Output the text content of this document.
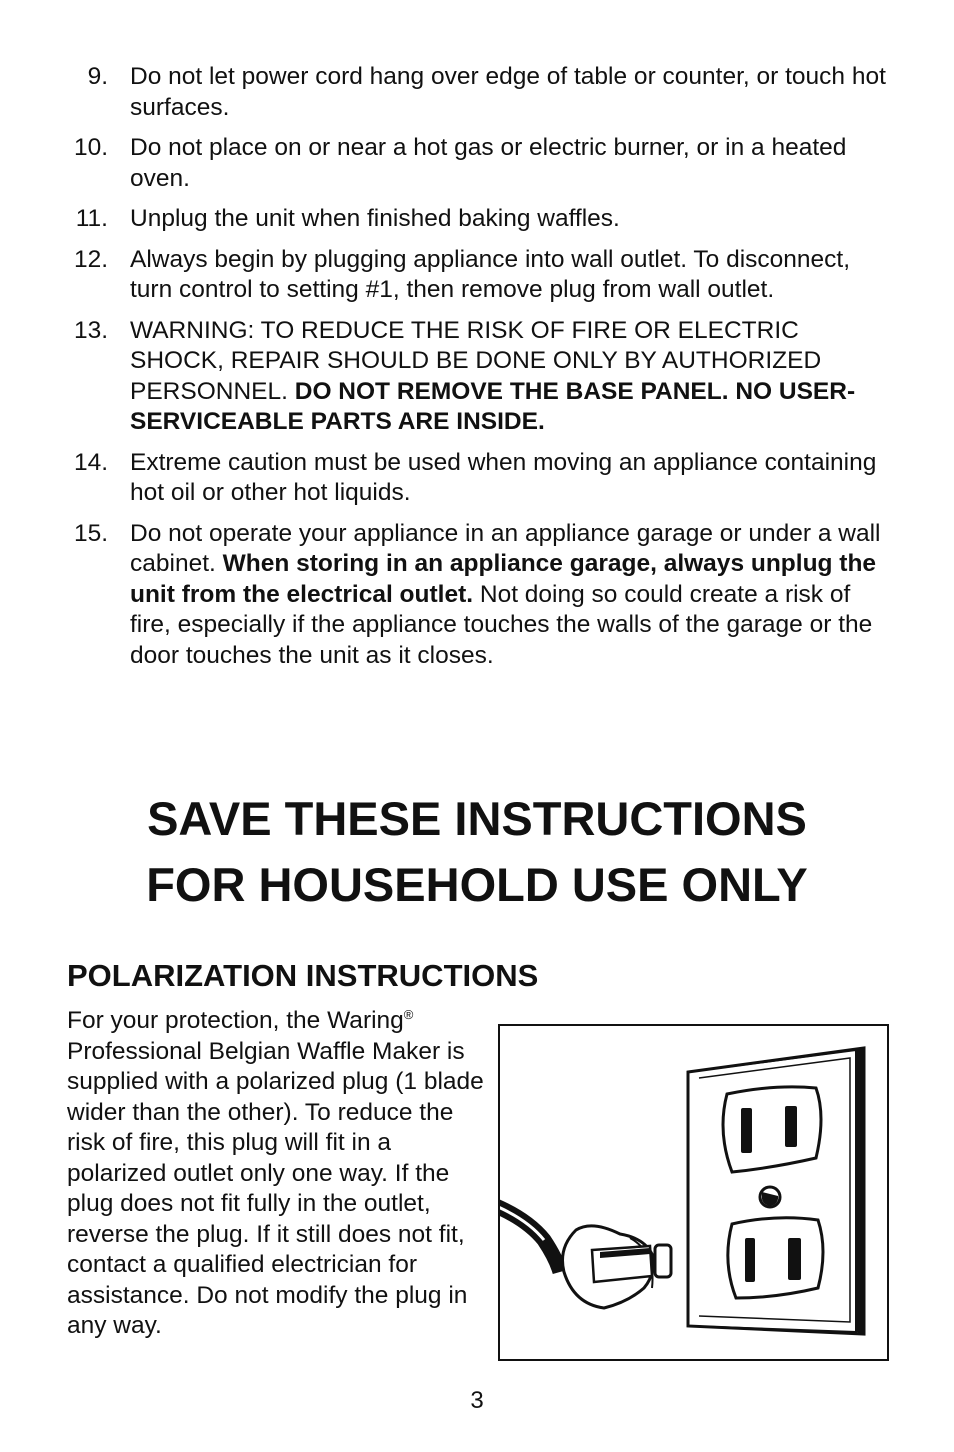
9. Do not let power cord hang over edge of table or counter, or touch hot surfaces.
10. Do not place on or near a hot gas or electric burner, or in a heated oven.
11. Unplug the unit when finished baking waffles.
12. Always begin by plugging appliance into wall outlet. To disconnect, turn control to setting #1, then remove plug from wall outlet.
13. WARNING: TO REDUCE THE RISK OF FIRE OR ELECTRIC SHOCK, REPAIR SHOULD BE DONE ONLY BY AUTHORIZED PERSONNEL. DO NOT REMOVE THE BASE PANEL. NO USER-SERVICEABLE PARTS ARE INSIDE.
14. Extreme caution must be used when moving an appliance containing hot oil or other hot liquids.
15. Do not operate your appliance in an appliance garage or under a wall cabinet. When storing in an appliance garage, always unplug the unit from the electrical outlet. Not doing so could create a risk of fire, especially if the appliance touches the walls of the garage or the door touches the unit as it closes.
SAVE THESE INSTRUCTIONS
FOR HOUSEHOLD USE ONLY
POLARIZATION INSTRUCTIONS
For your protection, the Waring® Professional Belgian Waffle Maker is supplied with a polarized plug (1 blade wider than the other). To reduce the risk of fire, this plug will fit in a polarized outlet only one way. If the plug does not fit fully in the outlet, reverse the plug. If it still does not fit, contact a qualified electrician for assistance. Do not modify the plug in any way.
3
